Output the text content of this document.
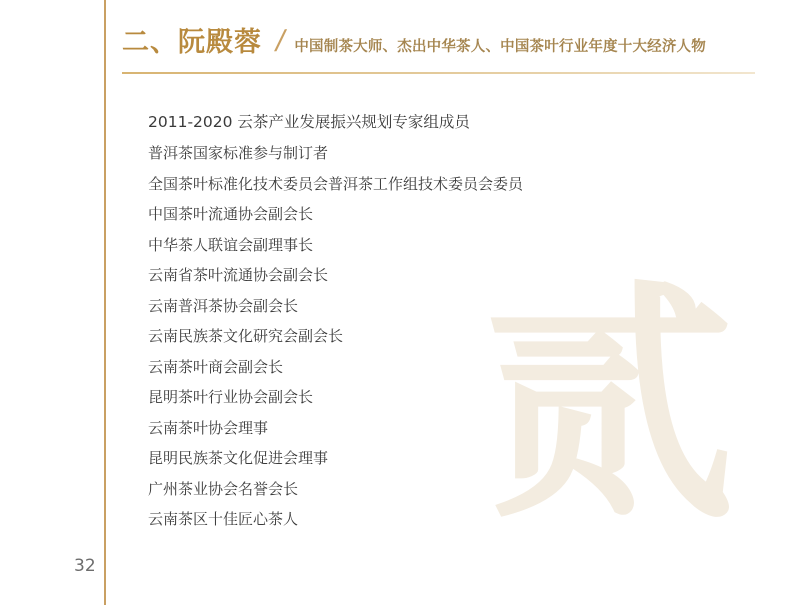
贰
二、阮殿蓉 / 中国制茶大师、杰出中华茶人、中国茶叶行业年度十大经济人物
2011-2020 云茶产业发展振兴规划专家组成员
普洱茶国家标准参与制订者
全国茶叶标准化技术委员会普洱茶工作组技术委员会委员
中国茶叶流通协会副会长
中华茶人联谊会副理事长
云南省茶叶流通协会副会长
云南普洱茶协会副会长
云南民族茶文化研究会副会长
云南茶叶商会副会长
昆明茶叶行业协会副会长
云南茶叶协会理事
昆明民族茶文化促进会理事
广州茶业协会名誉会长
云南茶区十佳匠心茶人
32
